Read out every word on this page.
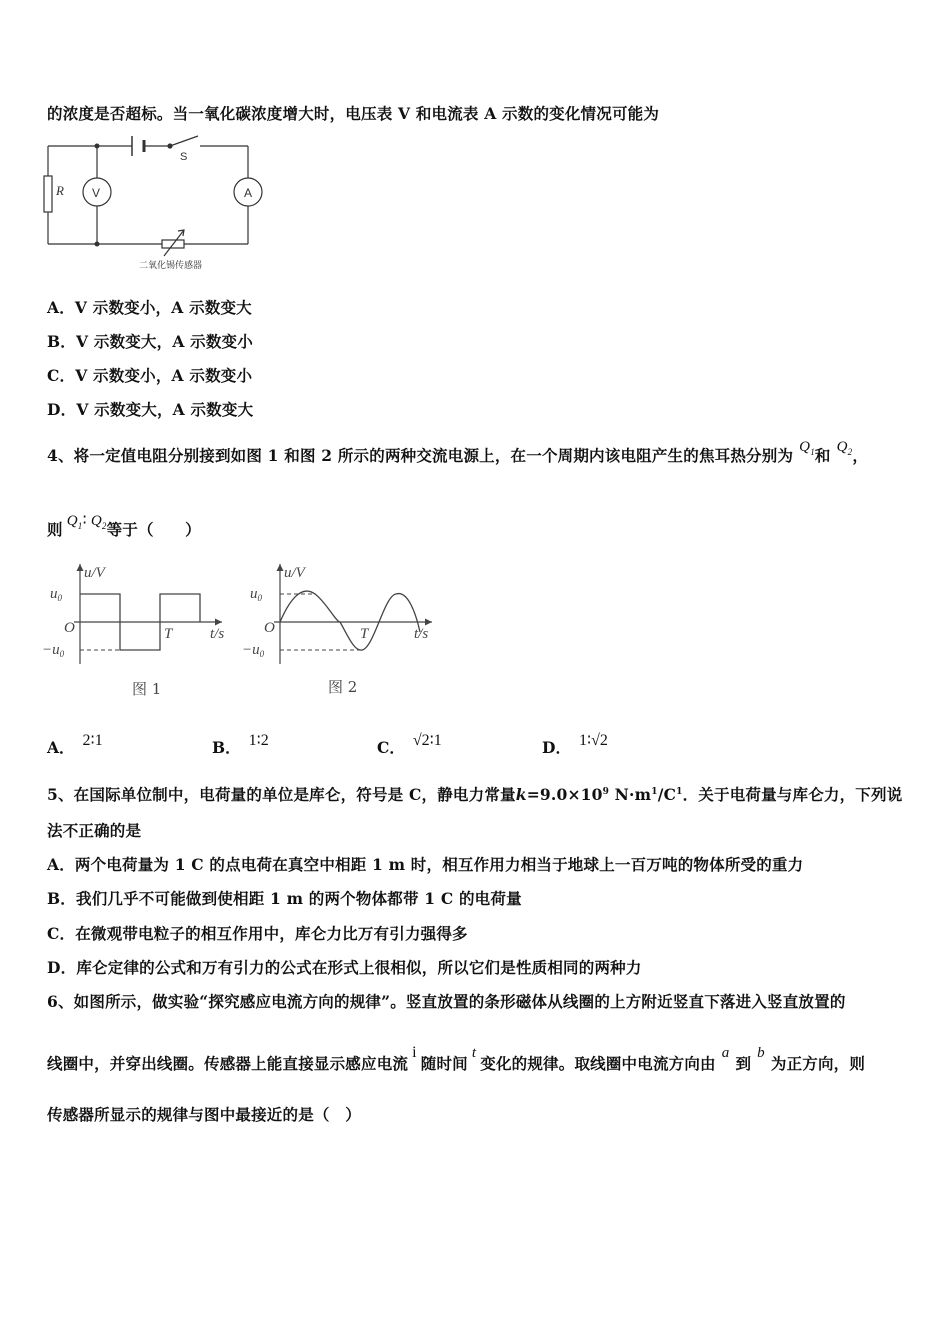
的浓度是否超标。当一氧化碳浓度增大时，电压表 V 和电流表 A 示数的变化情况可能为
R V	A
S
二氧化锡传感器
A．V 示数变小，A 示数变大
B．V 示数变大，A 示数变小
C．V 示数变小，A 示数变小
D．V 示数变大，A 示数变大
4、将一定值电阻分别接到如图 1 和图 2 所示的两种交流电源上，在一个周期内该电阻产生的焦耳热分别为 $Q_1$和 $Q_2$，
则 $Q_1∶$ $Q_2$等于（　　）
u/V
$u_0$
O
$-u_0$
T	t/s
图 1
u/V
$u_0$
O
$-u_0$
T	t/s
图 2
A． 2∶1	B． 1∶2	C． √2∶1	D． 1∶√2
5、在国际单位制中，电荷量的单位是库仑，符号是 C，静电力常量$k=9.0\times 10^9$ $N\cdot m^1/C^1$．关于电荷量与库仑力，下列说
法不正确的是
A．两个电荷量为 1 C 的点电荷在真空中相距 1 m 时，相互作用力相当于地球上一百万吨的物体所受的重力
B．我们几乎不可能做到使相距 1 m 的两个物体都带 1 C 的电荷量
C．在微观带电粒子的相互作用中，库仑力比万有引力强得多
D．库仑定律的公式和万有引力的公式在形式上很相似，所以它们是性质相同的两种力
6、如图所示，做实验“探究感应电流方向的规律”。竖直放置的条形磁体从线圈的上方附近竖直下落进入竖直放置的
线圈中，并穿出线圈。传感器上能直接显示感应电流i随时间t变化的规律。取线圈中电流方向由a到b为正方向，则
传感器所显示的规律与图中最接近的是（　）
